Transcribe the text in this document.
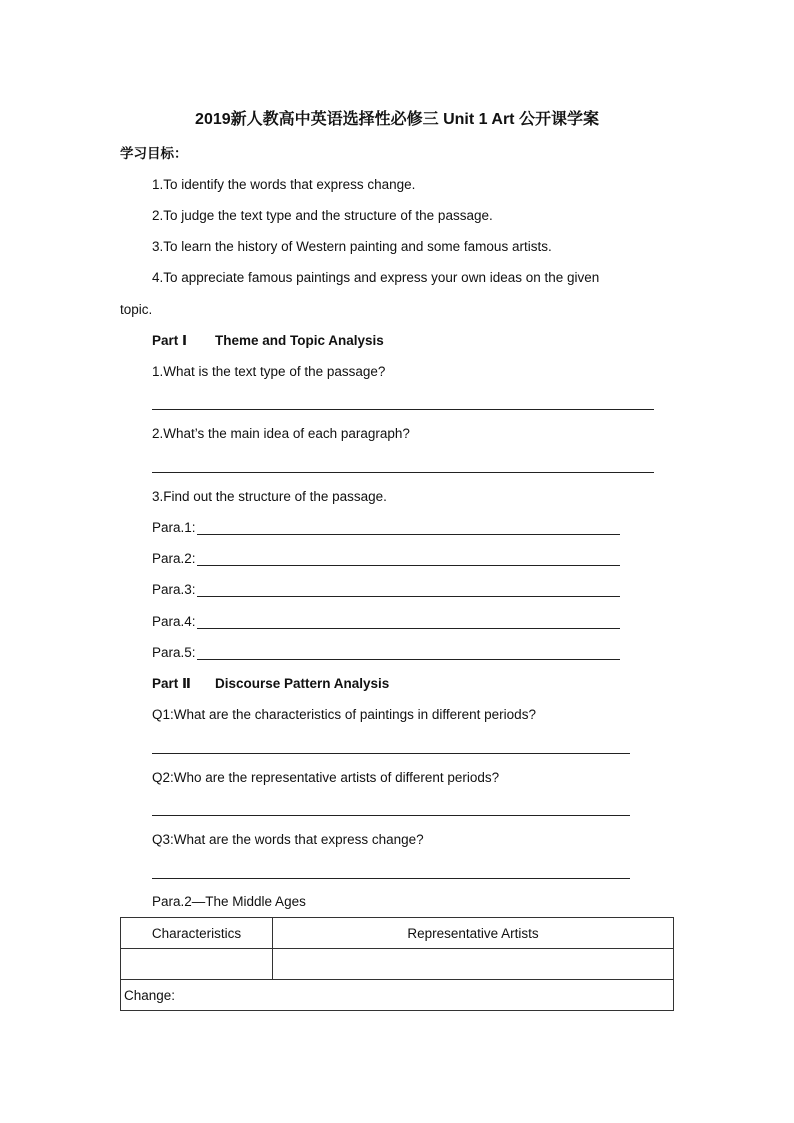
2019新人教高中英语选择性必修三 Unit 1 Art 公开课学案
学习目标：
1.To identify the words that express change.
2.To judge the text type and the structure of the passage.
3.To learn the history of Western painting and some famous artists.
4.To appreciate famous paintings and express your own ideas on the given
topic.
Part Ⅰ Theme and Topic Analysis
1.What is the text type of the passage?
2.What’s the main idea of each paragraph?
3.Find out the structure of the passage.
Para.1:
Para.2:
Para.3:
Para.4:
Para.5:
Part Ⅱ Discourse Pattern Analysis
Q1:What are the characteristics of paintings in different periods?
Q2:Who are the representative artists of different periods?
Q3:What are the words that express change?
Para.2—The Middle Ages
Characteristics	Representative Artists

Change:	
